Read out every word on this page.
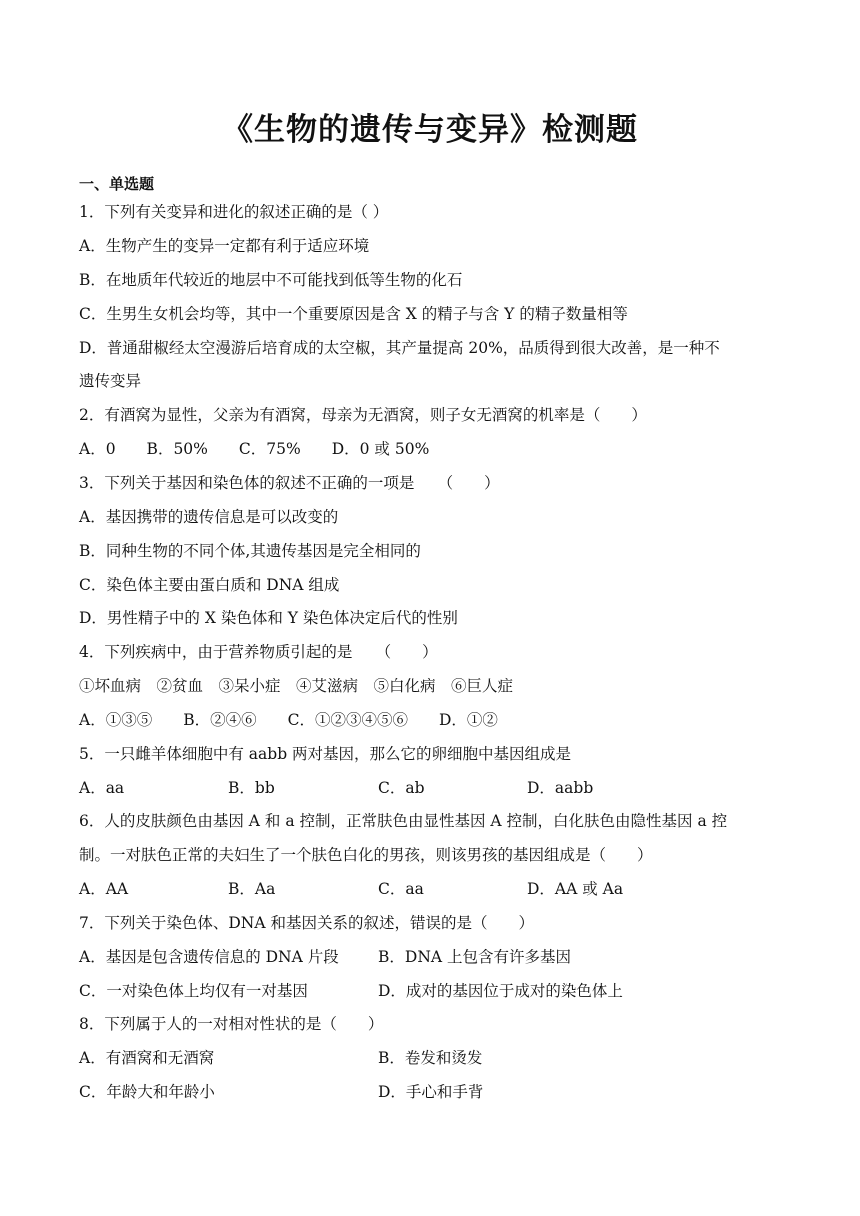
《生物的遗传与变异》检测题
一、单选题
1．下列有关变异和进化的叙述正确的是（ ）
A．生物产生的变异一定都有利于适应环境
B．在地质年代较近的地层中不可能找到低等生物的化石
C．生男生女机会均等，其中一个重要原因是含 X 的精子与含 Y 的精子数量相等
D．普通甜椒经太空漫游后培育成的太空椒，其产量提高 20%，品质得到很大改善，是一种不
遗传变异
2．有酒窝为显性，父亲为有酒窝，母亲为无酒窝，则子女无酒窝的机率是（　　）
A．0　　B．50%　　C．75%　　D．0 或 50%
3．下列关于基因和染色体的叙述不正确的一项是　　（　　）
A．基因携带的遗传信息是可以改变的
B．同种生物的不同个体,其遗传基因是完全相同的
C．染色体主要由蛋白质和 DNA 组成
D．男性精子中的 X 染色体和 Y 染色体决定后代的性别
4．下列疾病中，由于营养物质引起的是　　（　　）
①坏血病　②贫血　③呆小症　④艾滋病　⑤白化病　⑥巨人症
A．①③⑤　　B．②④⑥　　C．①②③④⑤⑥　　D．①②
5．一只雌羊体细胞中有 aabb 两对基因，那么它的卵细胞中基因组成是
A．aa	B．bb	C．ab	D．aabb
6．人的皮肤颜色由基因 A 和 a 控制，正常肤色由显性基因 A 控制，白化肤色由隐性基因 a 控
制。一对肤色正常的夫妇生了一个肤色白化的男孩，则该男孩的基因组成是（　　）
A．AA	B．Aa	C．aa	D．AA 或 Aa
7．下列关于染色体、DNA 和基因关系的叙述，错误的是（　　）
A．基因是包含遗传信息的 DNA 片段	B．DNA 上包含有许多基因
C．一对染色体上均仅有一对基因	D．成对的基因位于成对的染色体上
8．下列属于人的一对相对性状的是（　　）
A．有酒窝和无酒窝	B．卷发和烫发
C．年龄大和年龄小	D．手心和手背
